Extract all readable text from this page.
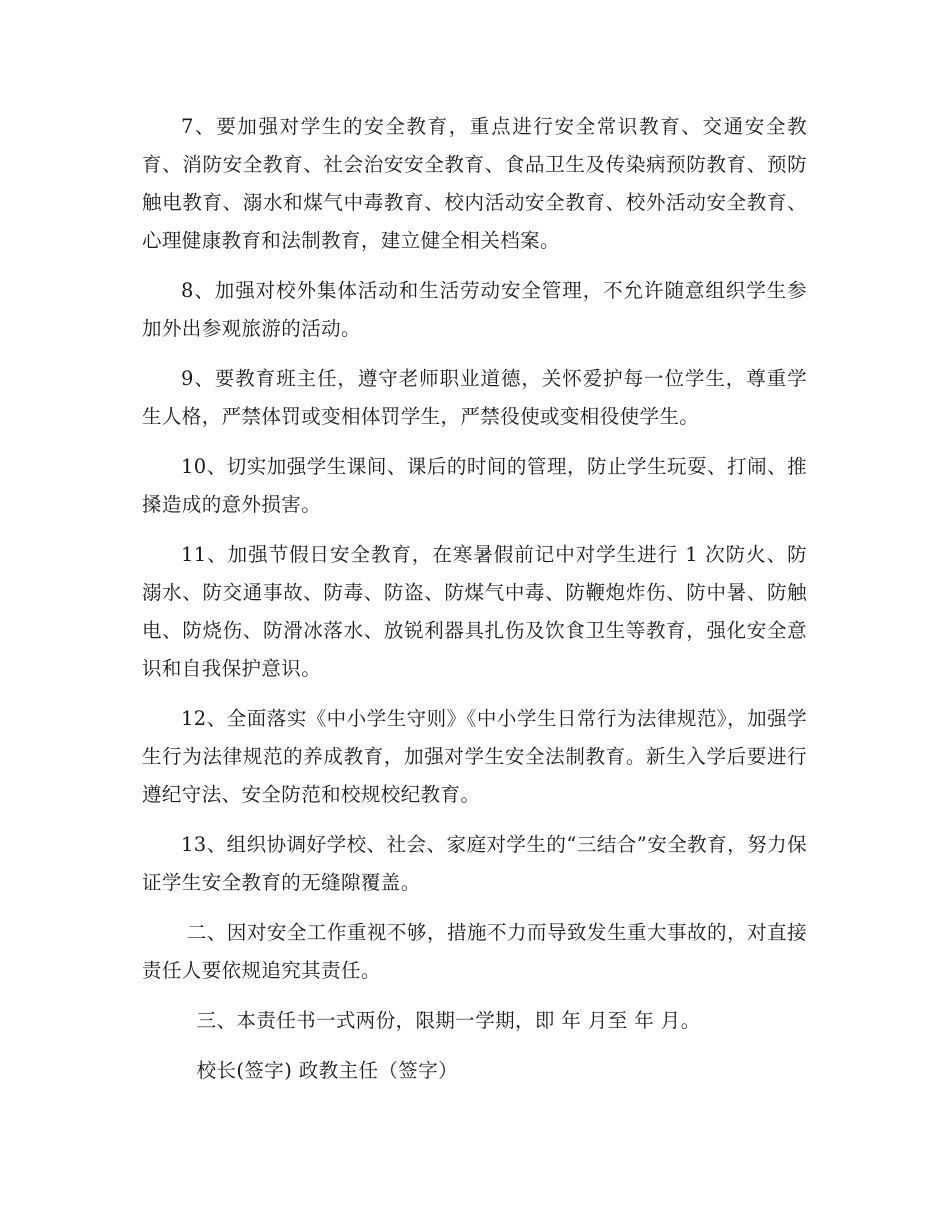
7、要加强对学生的安全教育，重点进行安全常识教育、交通安全教育、消防安全教育、社会治安安全教育、食品卫生及传染病预防教育、预防触电教育、溺水和煤气中毒教育、校内活动安全教育、校外活动安全教育、心理健康教育和法制教育，建立健全相关档案。

8、加强对校外集体活动和生活劳动安全管理，不允许随意组织学生参加外出参观旅游的活动。

9、要教育班主任，遵守老师职业道德，关怀爱护每一位学生，尊重学生人格，严禁体罚或变相体罚学生，严禁役使或变相役使学生。

10、切实加强学生课间、课后的时间的管理，防止学生玩耍、打闹、推搡造成的意外损害。

11、加强节假日安全教育，在寒暑假前记中对学生进行 1 次防火、防溺水、防交通事故、防毒、防盗、防煤气中毒、防鞭炮炸伤、防中暑、防触电、防烧伤、防滑冰落水、放锐利器具扎伤及饮食卫生等教育，强化安全意识和自我保护意识。

12、全面落实《中小学生守则》《中小学生日常行为法律规范》，加强学生行为法律规范的养成教育，加强对学生安全法制教育。新生入学后要进行遵纪守法、安全防范和校规校纪教育。

13、组织协调好学校、社会、家庭对学生的“三结合”安全教育，努力保证学生安全教育的无缝隙覆盖。

二、因对安全工作重视不够，措施不力而导致发生重大事故的，对直接责任人要依规追究其责任。

三、本责任书一式两份，限期一学期，即 年 月至 年 月。

校长(签字) 政教主任（签字）
